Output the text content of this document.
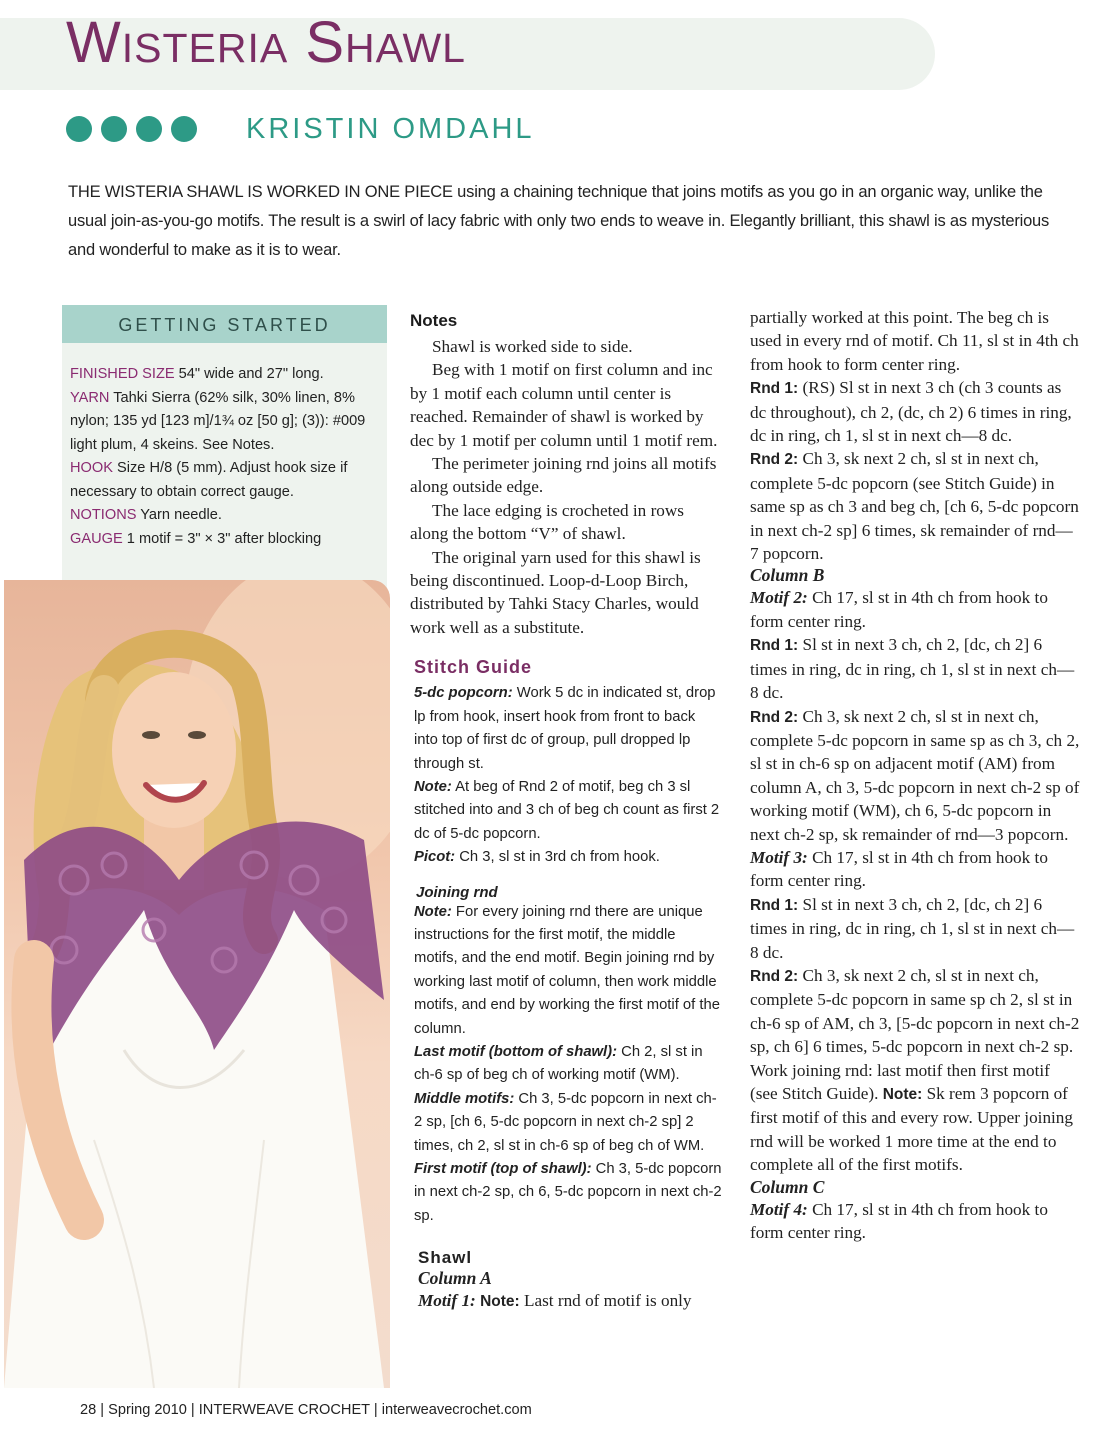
Wisteria Shawl
KRISTIN OMDAHL
THE WISTERIA SHAWL IS WORKED IN ONE PIECE using a chaining technique that joins motifs as you go in an organic way, unlike the usual join-as-you-go motifs. The result is a swirl of lacy fabric with only two ends to weave in. Elegantly brilliant, this shawl is as mysterious and wonderful to make as it is to wear.
GETTING STARTED
FINISHED SIZE 54" wide and 27" long.
YARN Tahki Sierra (62% silk, 30% linen, 8% nylon; 135 yd [123 m]/1¾ oz [50 g]; (3)): #009 light plum, 4 skeins. See Notes.
HOOK Size H/8 (5 mm). Adjust hook size if necessary to obtain correct gauge.
NOTIONS Yarn needle.
GAUGE 1 motif = 3" × 3" after blocking
Notes

Shawl is worked side to side.

Beg with 1 motif on first column and inc by 1 motif each column until center is reached. Remainder of shawl is worked by dec by 1 motif per column until 1 motif rem.

The perimeter joining rnd joins all motifs along outside edge.

The lace edging is crocheted in rows along the bottom “V” of shawl.

The original yarn used for this shawl is being discontinued. Loop-d-Loop Birch, distributed by Tahki Stacy Charles, would work well as a substitute.

Stitch Guide

5-dc popcorn: Work 5 dc in indicated st, drop lp from hook, insert hook from front to back into top of first dc of group, pull dropped lp through st.

Note: At beg of Rnd 2 of motif, beg ch 3 sl stitched into and 3 ch of beg ch count as first 2 dc of 5-dc popcorn.

Picot: Ch 3, sl st in 3rd ch from hook.

Joining rnd

Note: For every joining rnd there are unique instructions for the first motif, the middle motifs, and the end motif. Begin joining rnd by working last motif of column, then work middle motifs, and end by working the first motif of the column.

Last motif (bottom of shawl): Ch 2, sl st in ch-6 sp of beg ch of working motif (WM).

Middle motifs: Ch 3, 5-dc popcorn in next ch-2 sp, [ch 6, 5-dc popcorn in next ch-2 sp] 2 times, ch 2, sl st in ch-6 sp of beg ch of WM.

First motif (top of shawl): Ch 3, 5-dc popcorn in next ch-2 sp, ch 6, 5-dc popcorn in next ch-2 sp.

Shawl
Column A

Motif 1: Note: Last rnd of motif is only

partially worked at this point. The beg ch is used in every rnd of motif. Ch 11, sl st in 4th ch from hook to form center ring.

Rnd 1: (RS) Sl st in next 3 ch (ch 3 counts as dc throughout), ch 2, (dc, ch 2) 6 times in ring, dc in ring, ch 1, sl st in next ch—8 dc.

Rnd 2: Ch 3, sk next 2 ch, sl st in next ch, complete 5-dc popcorn (see Stitch Guide) in same sp as ch 3 and beg ch, [ch 6, 5-dc popcorn in next ch-2 sp] 6 times, sk remainder of rnd—7 popcorn.

Column B

Motif 2: Ch 17, sl st in 4th ch from hook to form center ring.

Rnd 1: Sl st in next 3 ch, ch 2, [dc, ch 2] 6 times in ring, dc in ring, ch 1, sl st in next ch—8 dc.

Rnd 2: Ch 3, sk next 2 ch, sl st in next ch, complete 5-dc popcorn in same sp as ch 3, ch 2, sl st in ch-6 sp on adjacent motif (AM) from column A, ch 3, 5-dc popcorn in next ch-2 sp of working motif (WM), ch 6, 5-dc popcorn in next ch-2 sp, sk remainder of rnd—3 popcorn.

Motif 3: Ch 17, sl st in 4th ch from hook to form center ring.

Rnd 1: Sl st in next 3 ch, ch 2, [dc, ch 2] 6 times in ring, dc in ring, ch 1, sl st in next ch—8 dc.

Rnd 2: Ch 3, sk next 2 ch, sl st in next ch, complete 5-dc popcorn in same sp ch 2, sl st in ch-6 sp of AM, ch 3, [5-dc popcorn in next ch-2 sp, ch 6] 6 times, 5-dc popcorn in next ch-2 sp.

Work joining rnd: last motif then first motif (see Stitch Guide). Note: Sk rem 3 popcorn of first motif of this and every row. Upper joining rnd will be worked 1 more time at the end to complete all of the first motifs.

Column C

Motif 4: Ch 17, sl st in 4th ch from hook to form center ring.

28 | Spring 2010 | INTERWEAVE CROCHET | interweavecrochet.com
